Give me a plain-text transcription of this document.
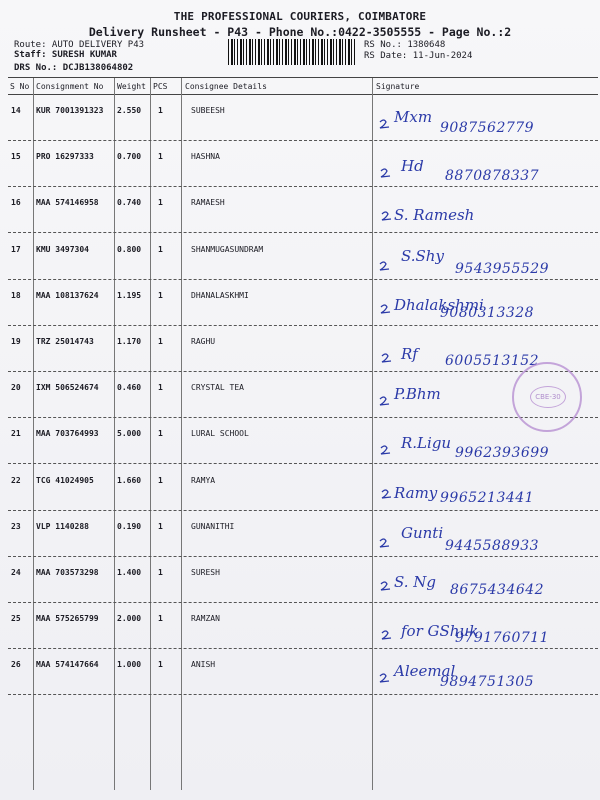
THE PROFESSIONAL COURIERS, COIMBATORE
Delivery Runsheet - P43 - Phone No.:0422-3505555 - Page No.:2
Route: AUTO DELIVERY P43
Staff: SURESH KUMAR
DRS No.: DCJB138064802
RS No.: 1380648
RS Date: 11-Jun-2024
S No Consignment No Weight PCS Consignee Details	Signature
14 KUR 7001391323 2.550 1	SUBEESH	Mxm
9087562779
15 PRO 16297333	0.700 1	HASHNA
Hd
8870878337
16 MAA 574146958 0.740 1	RAMAESH
S. Ramesh
17 KMU 3497304	0.800 1	SHANMUGASUNDRAM	S.Shy
9543955529
18 MAA 108137624 1.195 1	DHANALASKHMI
Dhalakshmi
9080313328
19 TRZ 25014743	1.170 1	RAGHU
Rf 6005513152
20 IXM 506524674 0.460 1	CRYSTAL TEA	P.Bhm
21 MAA 703764993 5.000 1	LURAL SCHOOL
R.Ligu
9962393699
22 TCG 41024905	1.660 1	RAMYA
Ramy 9965213441
23 VLP 1140288	0.190 1	GUNANITHI	Gunti
9445588933
24 MAA 703573298 1.400 1	SURESH
S. Ng 8675434642
25 MAA 575265799 2.000 1	RAMZAN
for GShuk
9791760711
26 MAA 574147664 1.000 1	ANISH	Aleemal
9894751305
CBE-30
